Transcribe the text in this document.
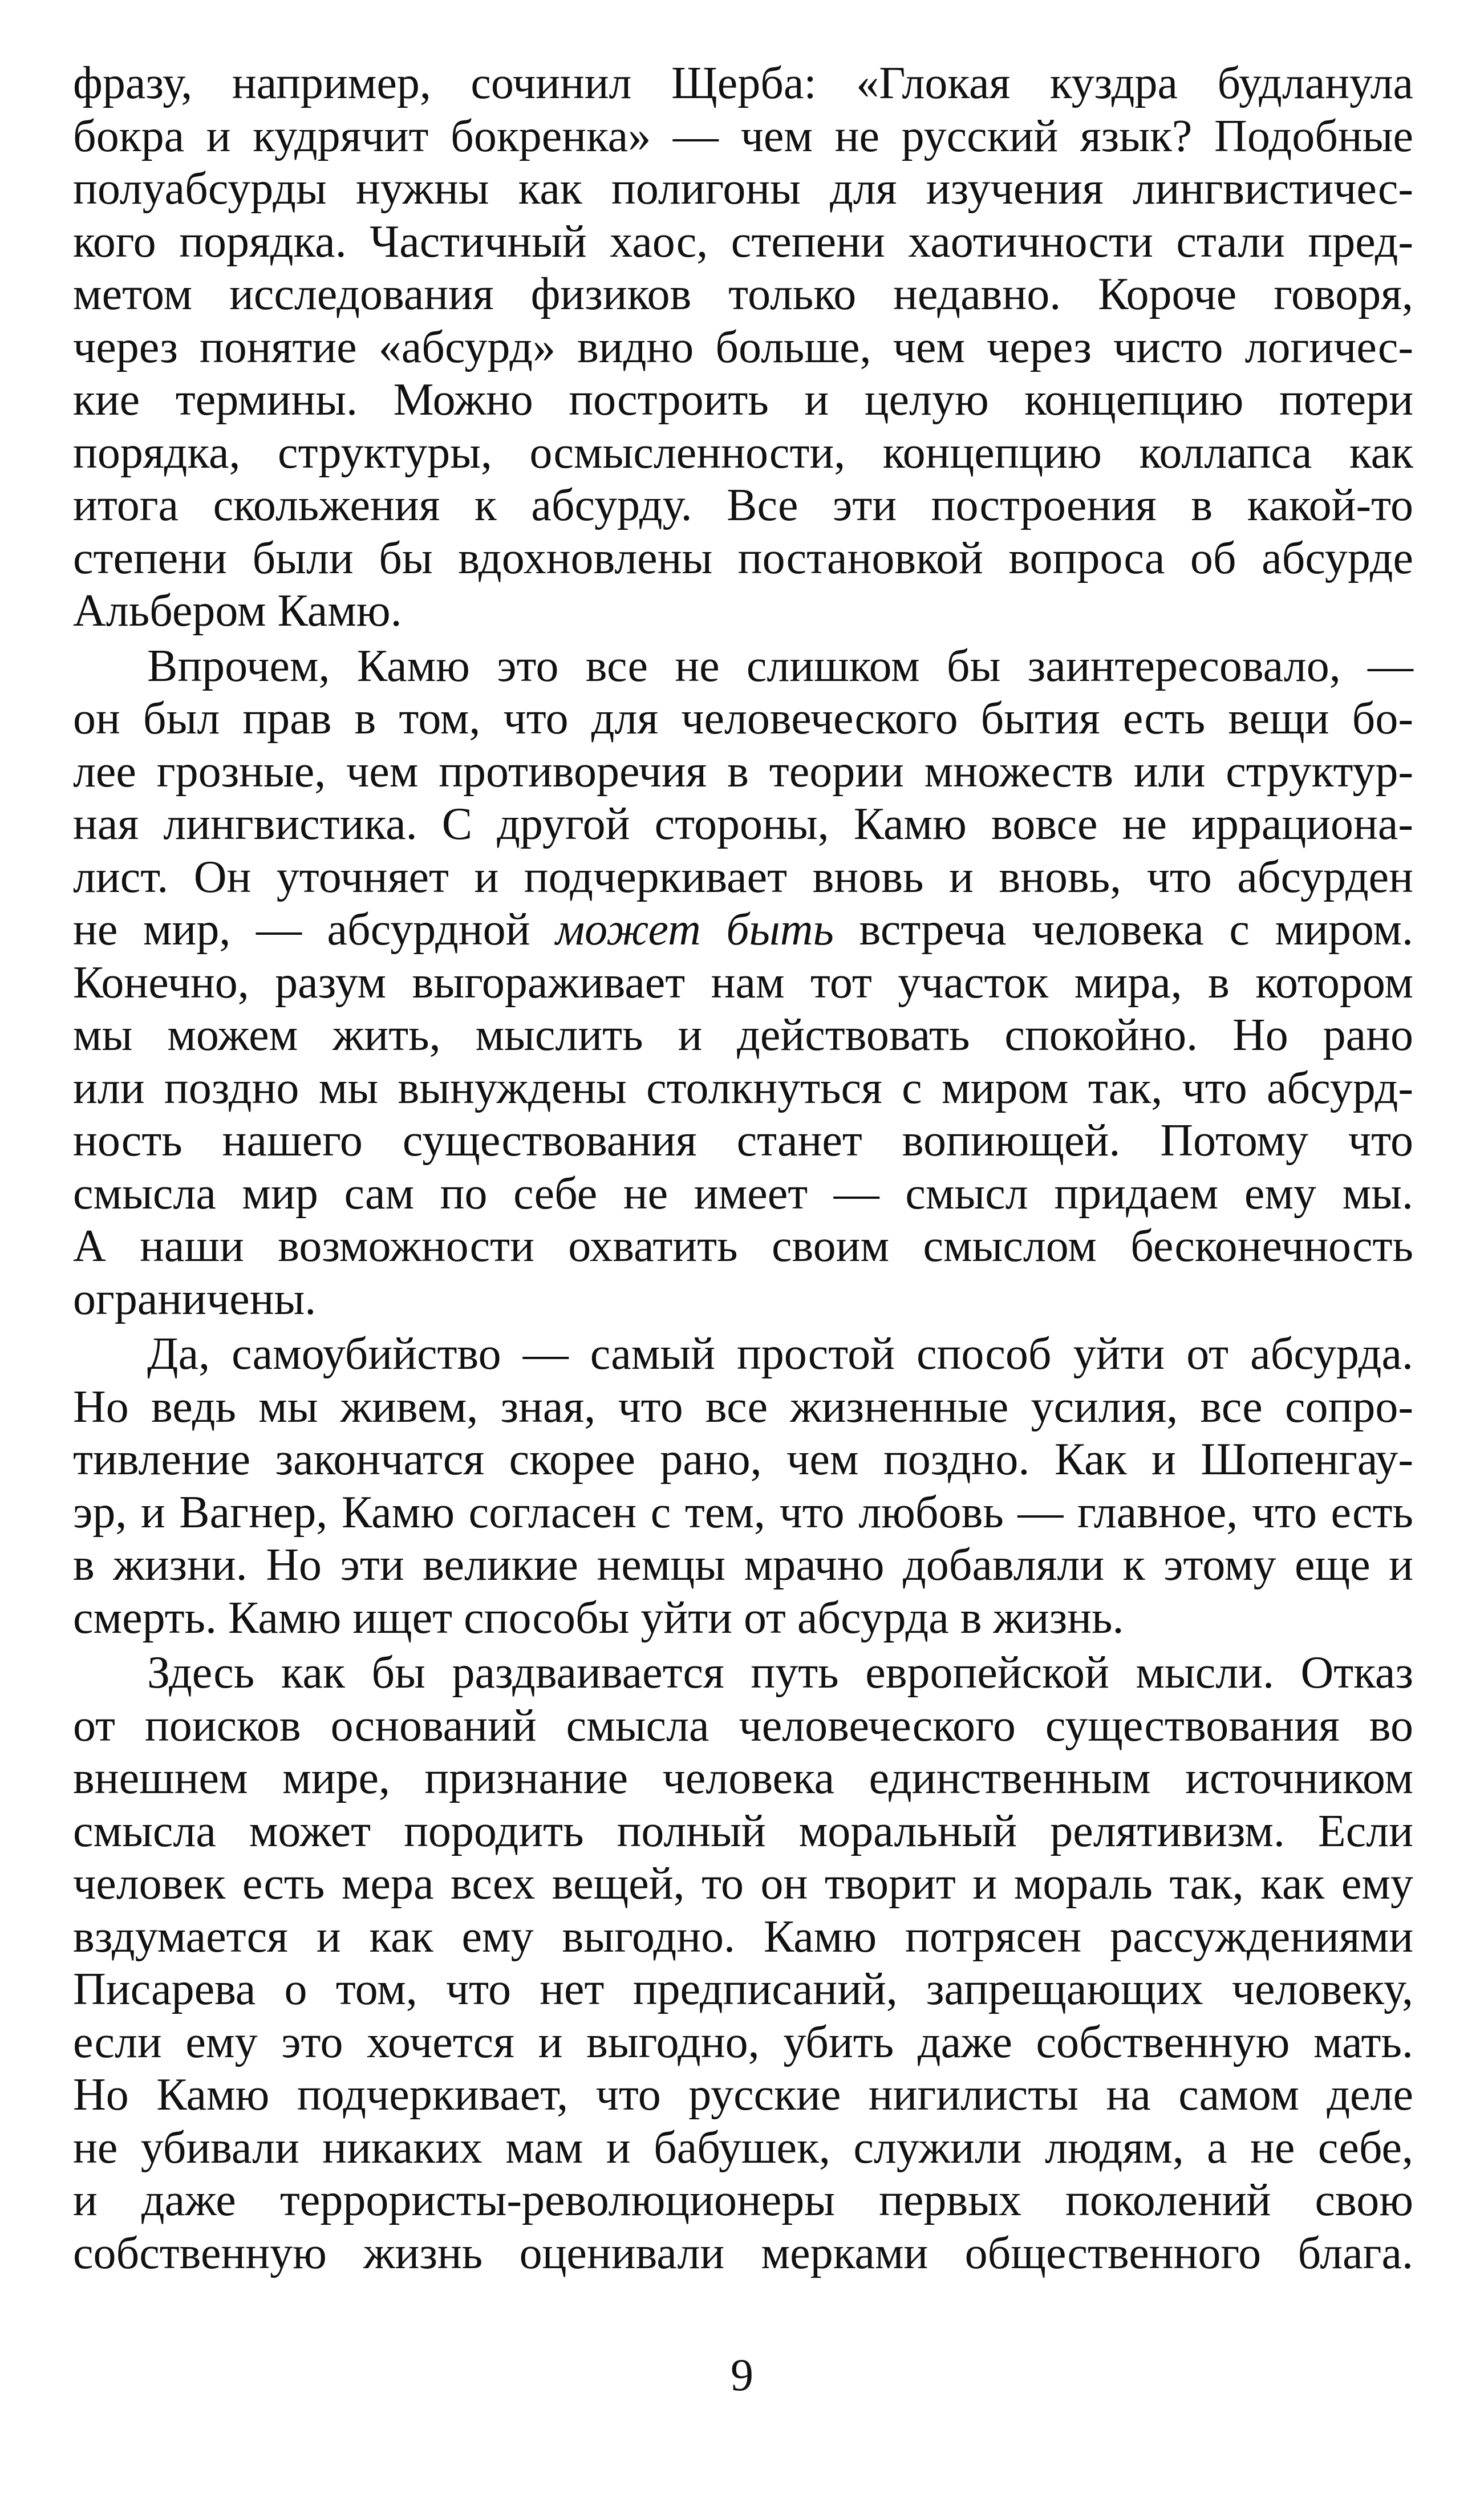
фразу, например, сочинил Щерба: «Глокая куздра будланула
бокра и кудрячит бокренка» — чем не русский язык? Подобные
полуабсурды нужны как полигоны для изучения лингвистичес-
кого порядка. Частичный хаос, степени хаотичности стали пред-
метом исследования физиков только недавно. Короче говоря,
через понятие «абсурд» видно больше, чем через чисто логичес-
кие термины. Можно построить и целую концепцию потери
порядка, структуры, осмысленности, концепцию коллапса как
итога скольжения к абсурду. Все эти построения в какой-то
степени были бы вдохновлены постановкой вопроса об абсурде
Альбером Камю.

Впрочем, Камю это все не слишком бы заинтересовало, —
он был прав в том, что для человеческого бытия есть вещи бо-
лее грозные, чем противоречия в теории множеств или структур-
ная лингвистика. С другой стороны, Камю вовсе не иррациона-
лист. Он уточняет и подчеркивает вновь и вновь, что абсурден
не мир, — абсурдной может быть встреча человека с миром.
Конечно, разум выгораживает нам тот участок мира, в котором
мы можем жить, мыслить и действовать спокойно. Но рано
или поздно мы вынуждены столкнуться с миром так, что абсурд-
ность нашего существования станет вопиющей. Потому что
смысла мир сам по себе не имеет — смысл придаем ему мы.
А наши возможности охватить своим смыслом бесконечность
ограничены.

Да, самоубийство — самый простой способ уйти от абсурда.
Но ведь мы живем, зная, что все жизненные усилия, все сопро-
тивление закончатся скорее рано, чем поздно. Как и Шопенгау-
эр, и Вагнер, Камю согласен с тем, что любовь — главное, что есть
в жизни. Но эти великие немцы мрачно добавляли к этому еще и
смерть. Камю ищет способы уйти от абсурда в жизнь.

Здесь как бы раздваивается путь европейской мысли. Отказ
от поисков оснований смысла человеческого существования во
внешнем мире, признание человека единственным источником
смысла может породить полный моральный релятивизм. Если
человек есть мера всех вещей, то он творит и мораль так, как ему
вздумается и как ему выгодно. Камю потрясен рассуждениями
Писарева о том, что нет предписаний, запрещающих человеку,
если ему это хочется и выгодно, убить даже собственную мать.
Но Камю подчеркивает, что русские нигилисты на самом деле
не убивали никаких мам и бабушек, служили людям, а не себе,
и даже террористы-революционеры первых поколений свою
собственную жизнь оценивали мерками общественного блага.

9
